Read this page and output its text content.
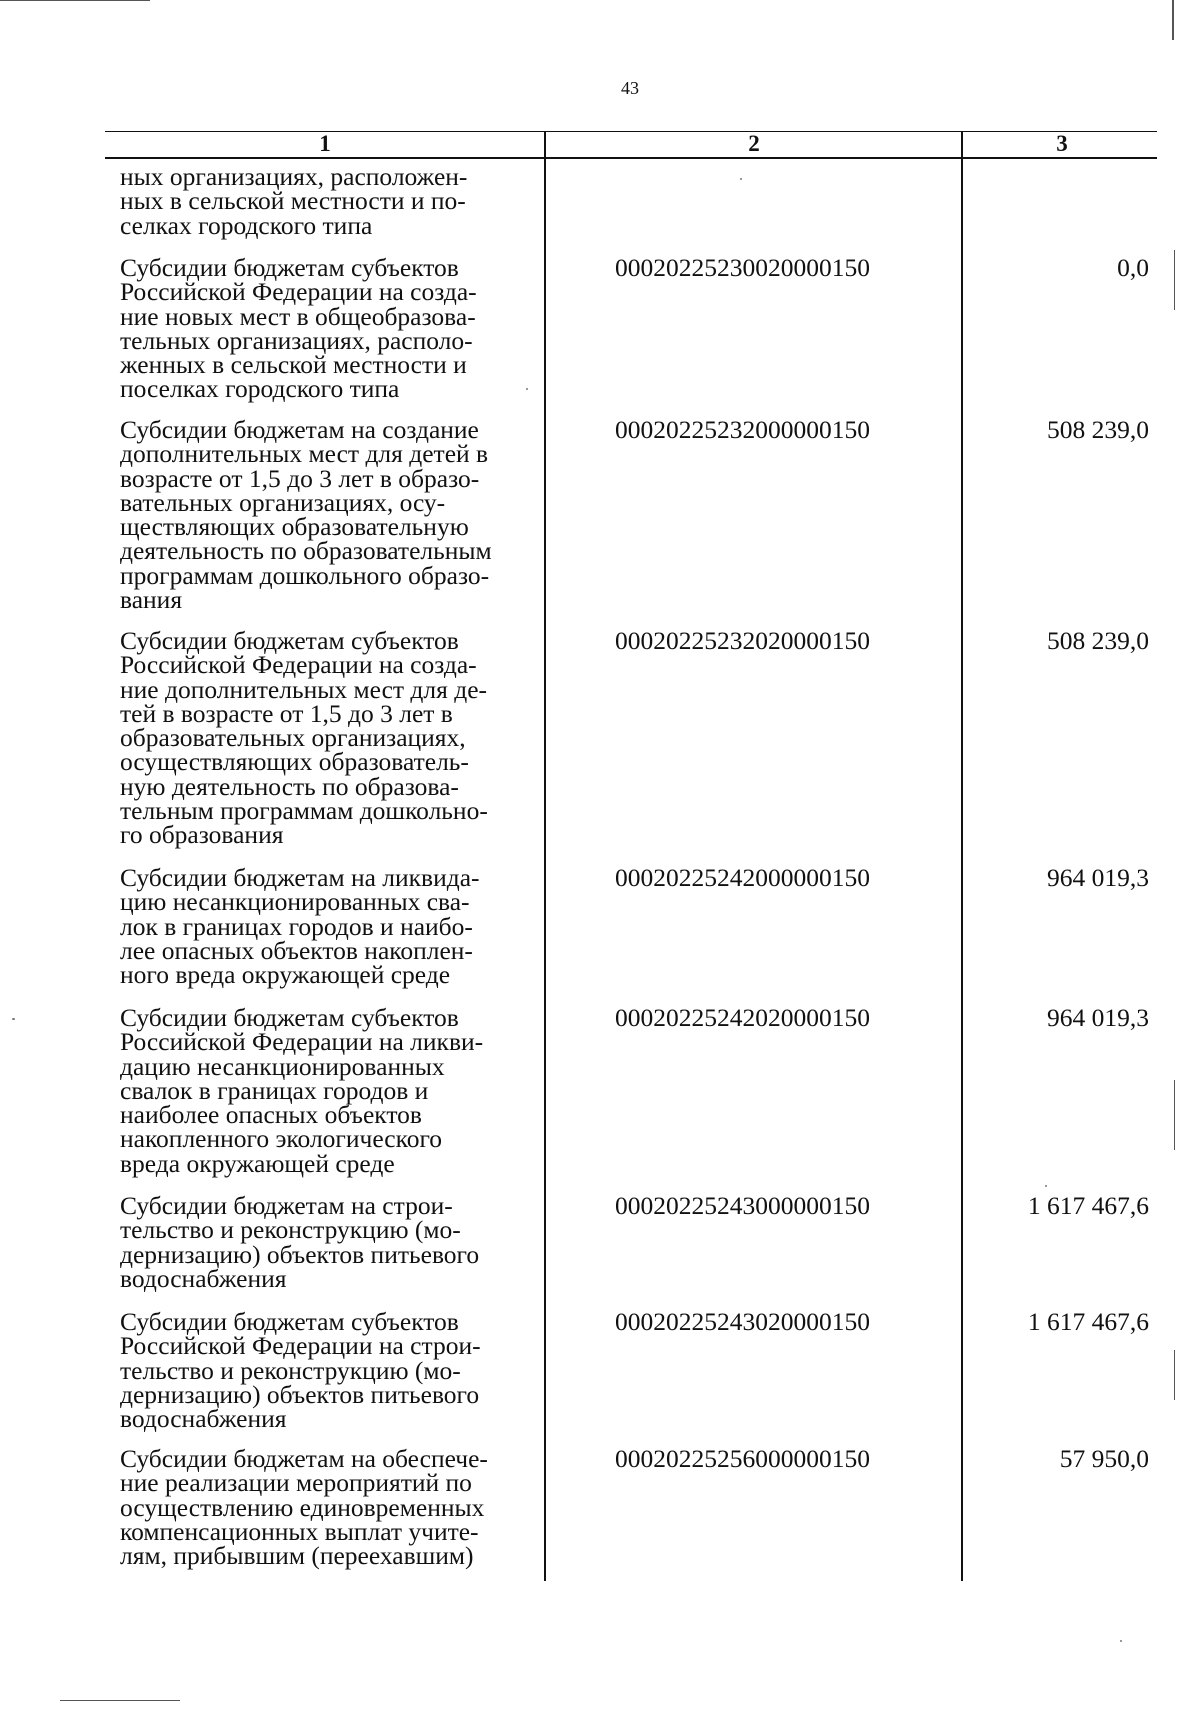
43
1	2	3
ных организациях, расположен-
ных в сельской местности и по-
селках городского типа
Субсидии бюджетам субъектов
Российской Федерации на созда-
ние новых мест в общеобразова-
тельных организациях, располо-
женных в сельской местности и
поселках городского типа
00020225230020000150	0,0
Субсидии бюджетам на создание
дополнительных мест для детей в
возрасте от 1,5 до 3 лет в образо-
вательных организациях, осу-
ществляющих образовательную
деятельность по образовательным
программам дошкольного образо-
вания
00020225232000000150	508 239,0
Субсидии бюджетам субъектов
Российской Федерации на созда-
ние дополнительных мест для де-
тей в возрасте от 1,5 до 3 лет в
образовательных организациях,
осуществляющих образователь-
ную деятельность по образова-
тельным программам дошкольно-
го образования
00020225232020000150	508 239,0
Субсидии бюджетам на ликвида-
цию несанкционированных сва-
лок в границах городов и наибо-
лее опасных объектов накоплен-
ного вреда окружающей среде
00020225242000000150	964 019,3
Субсидии бюджетам субъектов
Российской Федерации на ликви-
дацию несанкционированных
свалок в границах городов и
наиболее опасных объектов
накопленного экологического
вреда окружающей среде
00020225242020000150	964 019,3
Субсидии бюджетам на строи-
тельство и реконструкцию (мо-
дернизацию) объектов питьевого
водоснабжения
00020225243000000150	1 617 467,6
Субсидии бюджетам субъектов
Российской Федерации на строи-
тельство и реконструкцию (мо-
дернизацию) объектов питьевого
водоснабжения
00020225243020000150	1 617 467,6
Субсидии бюджетам на обеспече-
ние реализации мероприятий по
осуществлению единовременных
компенсационных выплат учите-
лям, прибывшим (переехавшим)
00020225256000000150	57 950,0
